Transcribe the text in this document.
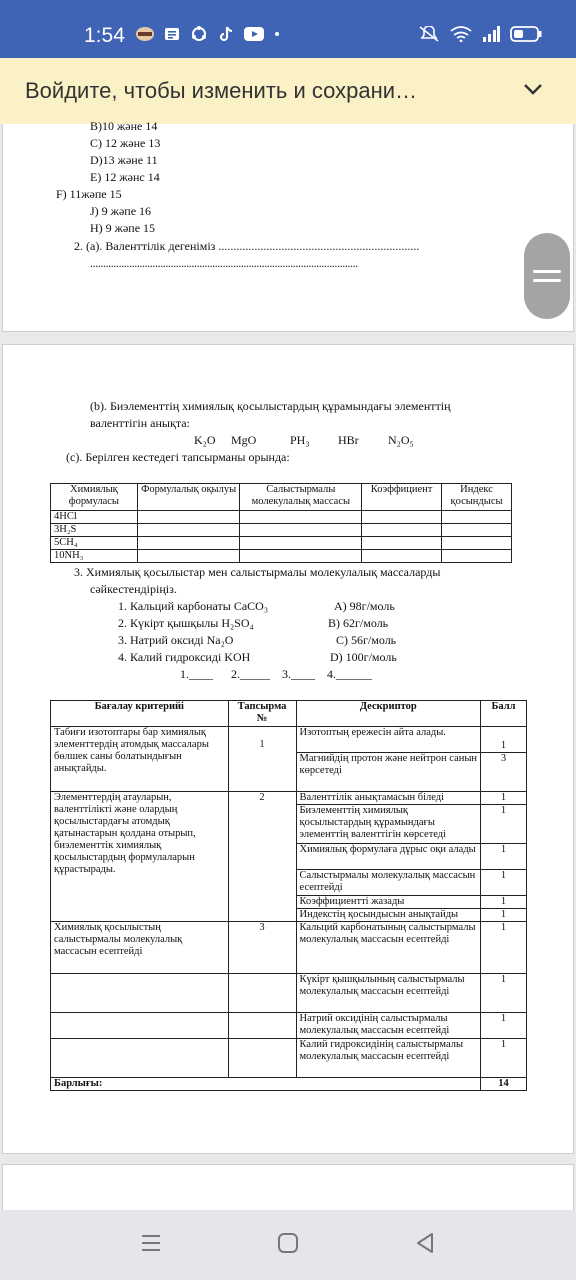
1:54
Войдите, чтобы изменить и сохрани…
B)10 және 14
C) 12 және 13
D)13 және 11
E) 12 жәнс 14
F) 11жәпе 15
J) 9 жәпе 16
H) 9 жәпе 15
2. (a). Валенттілік дегеніміз ...................................................................
.......................................................................................................
(b). Биэлементтің химиялық қосылыстардың құрамындағы элементтің
валенттігін анықта:
K₂O MgO	PH₃ HBr N₂O₅
(c). Берілген кестедегі тапсырманы орында:
Химиялық формуласы	Формулалық оқылуы	Салыстырмалы молекулалық массасы	Коэффициент	Индекс қосындысы
4HCl				
3H₂S				
5CH₄				
10NH₃				
3. Химиялық қосылыстар мен салыстырмалы молекулалық массаларды
сәйкестендіріңіз.
1. Кальций карбонаты CaCO₃	A) 98г/моль
2. Күкірт қышқылы H₂SO₄	B) 62г/моль
3. Натрий оксиді Na₂O	C) 56г/моль
4. Калий гидроксиді KOH	D) 100г/моль
1.____      2._____    3.____    4.______
Бағалау критерийі	Тапсырма №	Дескриптор	Балл
Табиғи изотоптары бар химиялық элементтердің атомдық массалары бөлшек саны болатындығын анықтайды.	1	Изотоптың ережесін айта алады.	1
		Магнийдің протон және нейтрон санын көрсетеді	3
Элементтердің атауларын, валенттілікті және олардың қосылыстардағы атомдық қатынастарын қолдана отырып, биэлементтік химиялық қосылыстардың формулаларын құрастырады.	2	Валенттілік анықтамасын біледі	1
		Биэлементтің химиялық қосылыстардың құрамындағы элементтің валенттігін көрсетеді	1
		Химиялық формулаға дұрыс оқи алады	1
		Салыстырмалы молекулалық массасын есептейді	1
		Коэффициентті жазады	1
		Индекстің қосындысын анықтайды	1
Химиялық қосылыстың салыстырмалы молекулалық массасын есептейді	3	Кальций карбонатының салыстырмалы молекулалық массасын есептейді	1
		Күкірт қышқылының салыстырмалы молекулалық массасын есептейді	1
		Натрий оксидінің салыстырмалы молекулалық массасын есептейді	1
		Калий гидроксидінің салыстырмалы молекулалық массасын есептейді	1
Барлығы:			14
